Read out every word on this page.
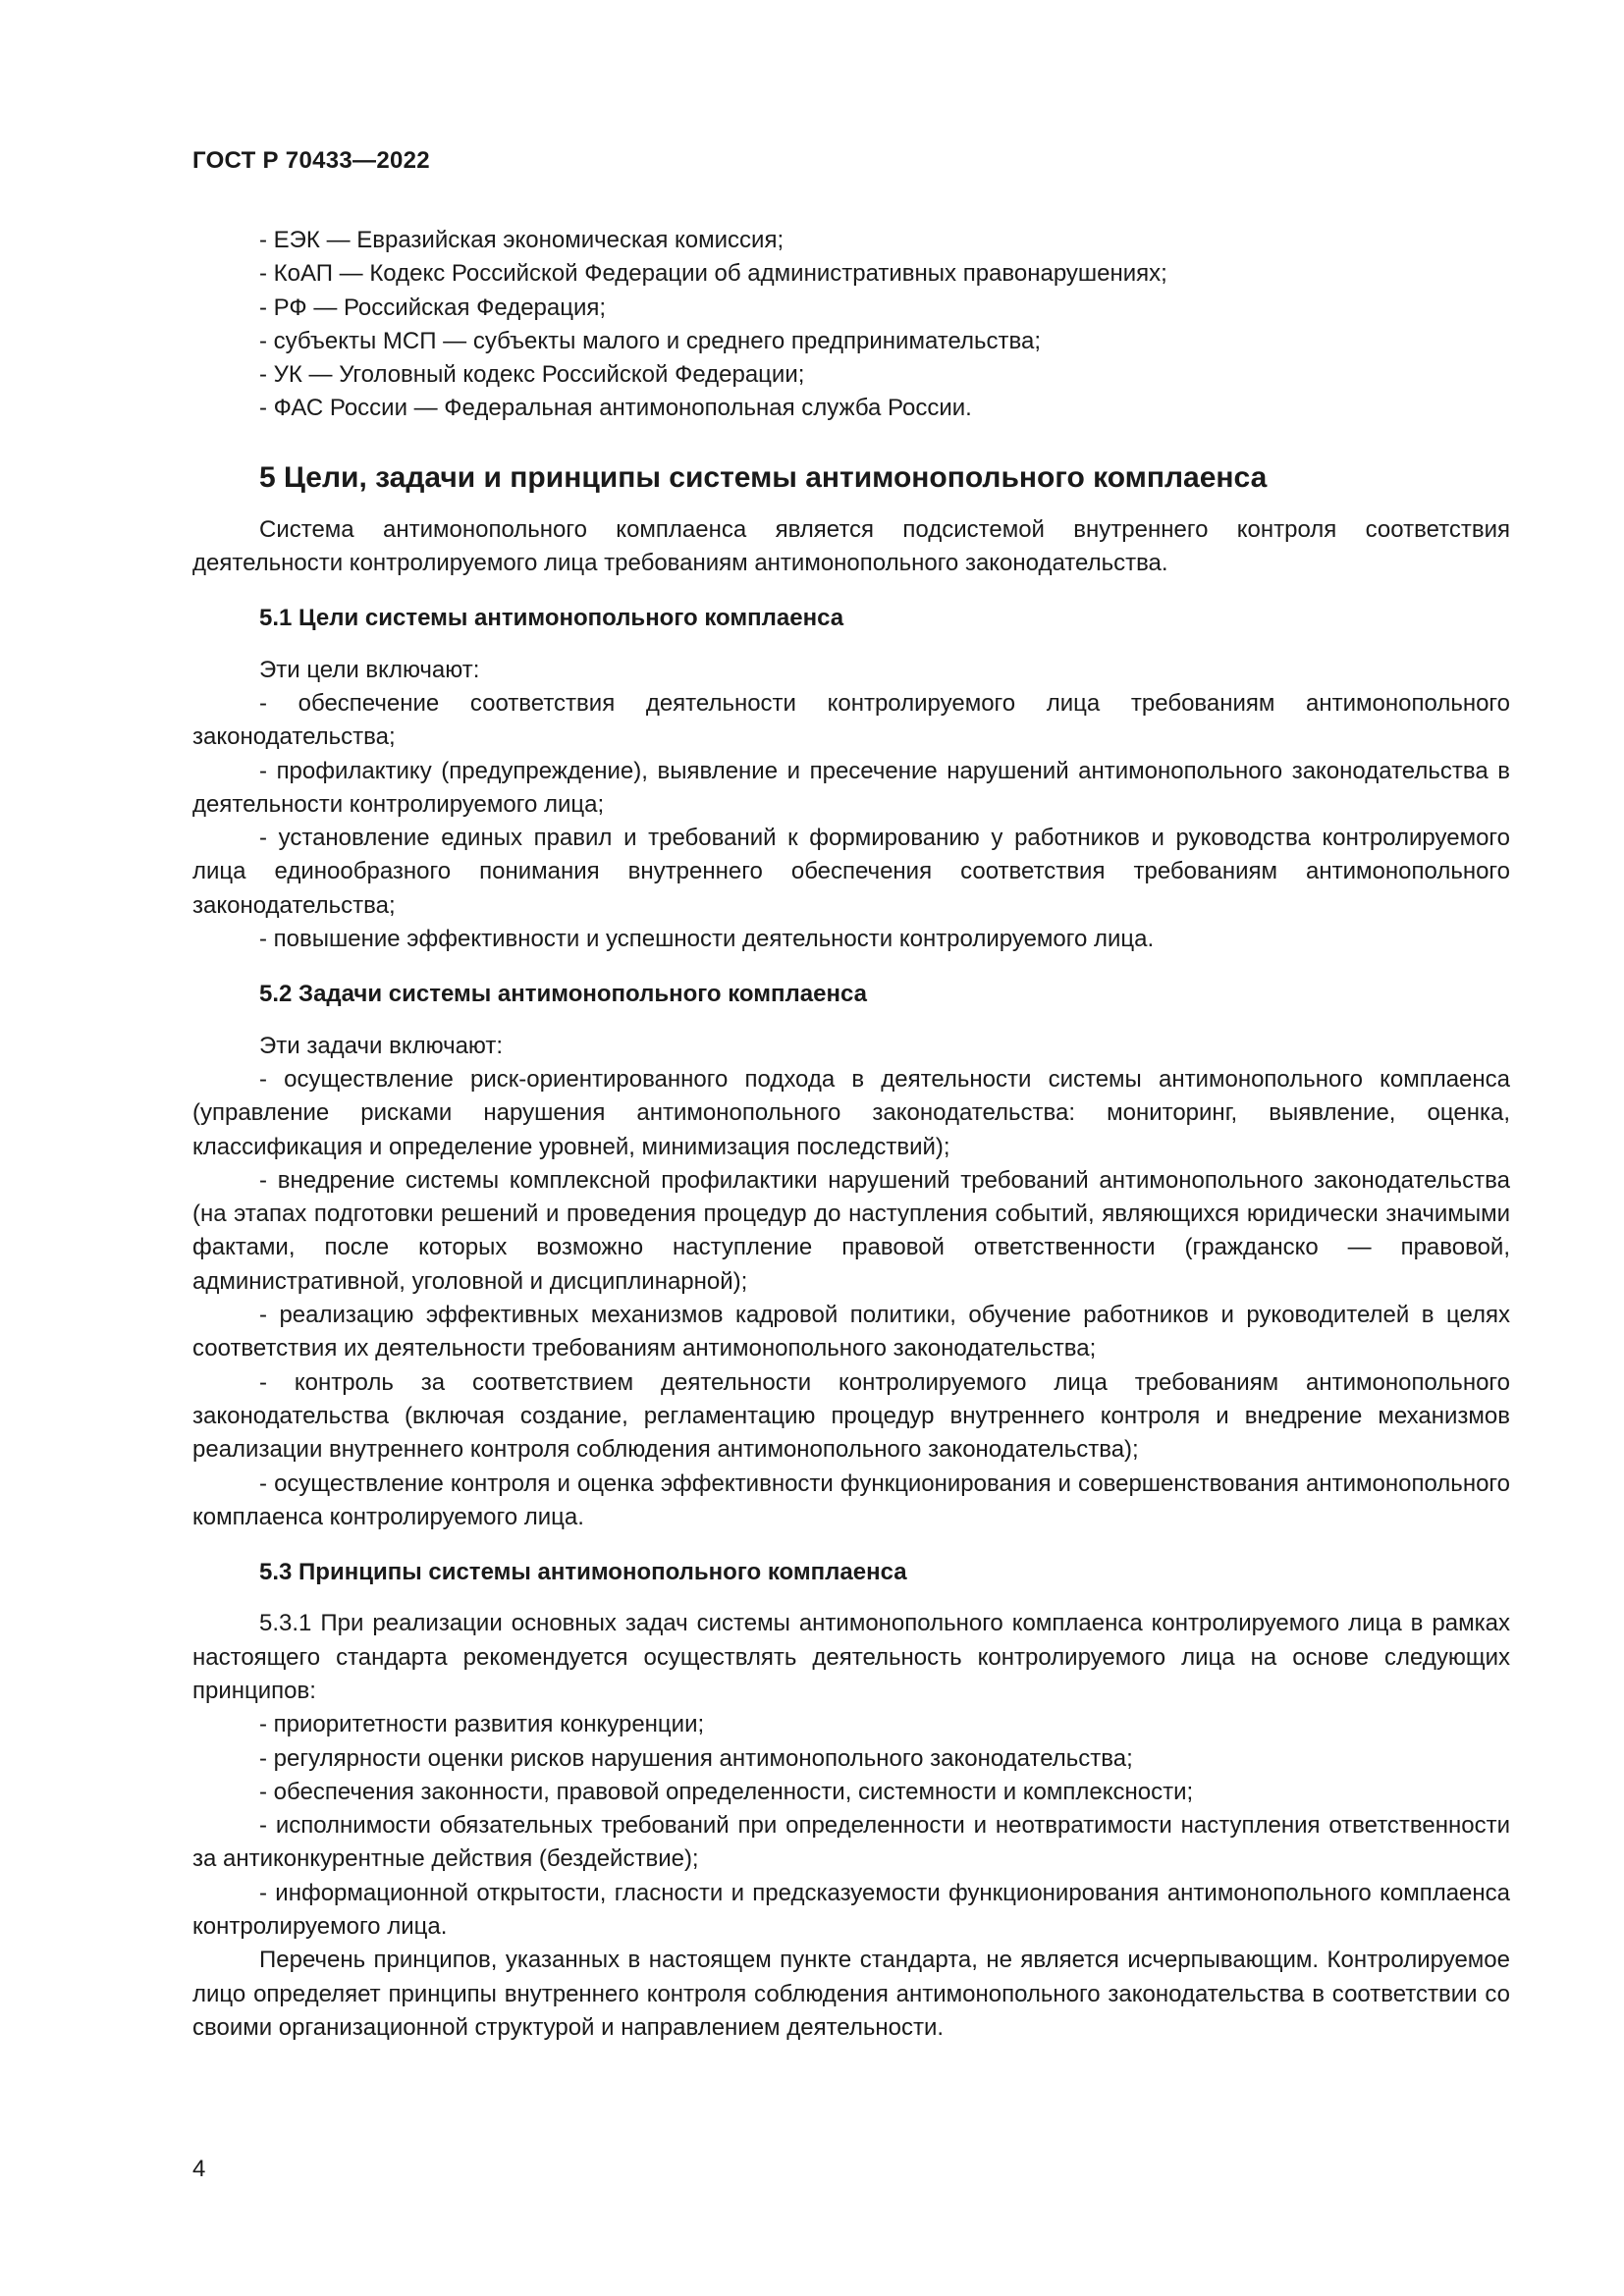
ГОСТ Р 70433—2022
- ЕЭК — Евразийская экономическая комиссия;
- КоАП — Кодекс Российской Федерации об административных правонарушениях;
- РФ — Российская Федерация;
- субъекты МСП — субъекты малого и среднего предпринимательства;
- УК — Уголовный кодекс Российской Федерации;
- ФАС России — Федеральная антимонопольная служба России.
5 Цели, задачи и принципы системы антимонопольного комплаенса

Система антимонопольного комплаенса является подсистемой внутреннего контроля соответствия деятельности контролируемого лица требованиям антимонопольного законодательства.

5.1 Цели системы антимонопольного комплаенса

Эти цели включают:

- обеспечение соответствия деятельности контролируемого лица требованиям антимонопольного законодательства;

- профилактику (предупреждение), выявление и пресечение нарушений антимонопольного законодательства в деятельности контролируемого лица;

- установление единых правил и требований к формированию у работников и руководства контролируемого лица единообразного понимания внутреннего обеспечения соответствия требованиям антимонопольного законодательства;

- повышение эффективности и успешности деятельности контролируемого лица.

5.2 Задачи системы антимонопольного комплаенса

Эти задачи включают:

- осуществление риск-ориентированного подхода в деятельности системы антимонопольного комплаенса (управление рисками нарушения антимонопольного законодательства: мониторинг, выявление, оценка, классификация и определение уровней, минимизация последствий);

- внедрение системы комплексной профилактики нарушений требований антимонопольного законодательства (на этапах подготовки решений и проведения процедур до наступления событий, являющихся юридически значимыми фактами, после которых возможно наступление правовой ответственности (гражданско — правовой, административной, уголовной и дисциплинарной);

- реализацию эффективных механизмов кадровой политики, обучение работников и руководителей в целях соответствия их деятельности требованиям антимонопольного законодательства;

- контроль за соответствием деятельности контролируемого лица требованиям антимонопольного законодательства (включая создание, регламентацию процедур внутреннего контроля и внедрение механизмов реализации внутреннего контроля соблюдения антимонопольного законодательства);

- осуществление контроля и оценка эффективности функционирования и совершенствования антимонопольного комплаенса контролируемого лица.

5.3 Принципы системы антимонопольного комплаенса

5.3.1 При реализации основных задач системы антимонопольного комплаенса контролируемого лица в рамках настоящего стандарта рекомендуется осуществлять деятельность контролируемого лица на основе следующих принципов:

- приоритетности развития конкуренции;

- регулярности оценки рисков нарушения антимонопольного законодательства;

- обеспечения законности, правовой определенности, системности и комплексности;

- исполнимости обязательных требований при определенности и неотвратимости наступления ответственности за антиконкурентные действия (бездействие);

- информационной открытости, гласности и предсказуемости функционирования антимонопольного комплаенса контролируемого лица.

Перечень принципов, указанных в настоящем пункте стандарта, не является исчерпывающим. Контролируемое лицо определяет принципы внутреннего контроля соблюдения антимонопольного законодательства в соответствии со своими организационной структурой и направлением деятельности.

4
